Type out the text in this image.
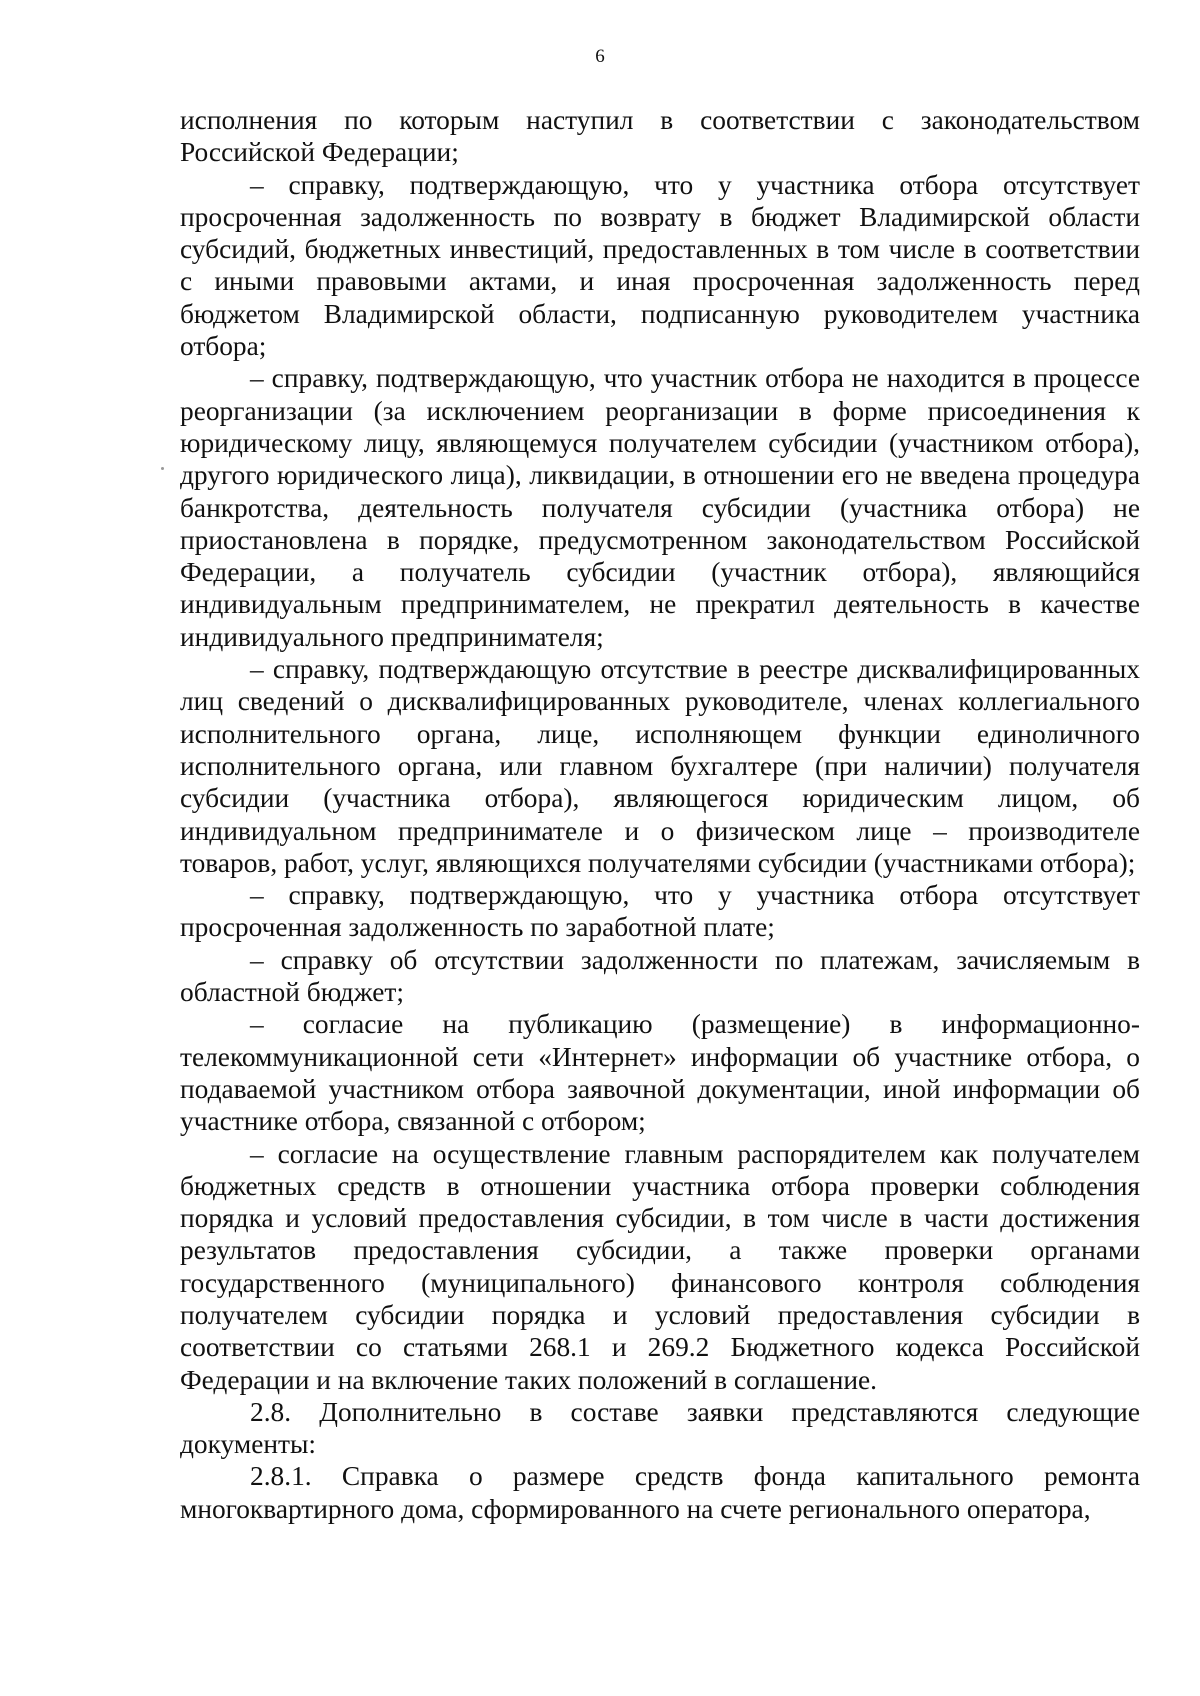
6

исполнения по которым наступил в соответствии с законодательством Российской Федерации;

– справку, подтверждающую, что у участника отбора отсутствует просроченная задолженность по возврату в бюджет Владимирской области субсидий, бюджетных инвестиций, предоставленных в том числе в соответствии с иными правовыми актами, и иная просроченная задолженность перед бюджетом Владимирской области, подписанную руководителем участника отбора;

– справку, подтверждающую, что участник отбора не находится в процессе реорганизации (за исключением реорганизации в форме присоединения к юридическому лицу, являющемуся получателем субсидии (участником отбора), другого юридического лица), ликвидации, в отношении его не введена процедура банкротства, деятельность получателя субсидии (участника отбора) не приостановлена в порядке, предусмотренном законодательством Российской Федерации, а получатель субсидии (участник отбора), являющийся индивидуальным предпринимателем, не прекратил деятельность в качестве индивидуального предпринимателя;

– справку, подтверждающую отсутствие в реестре дисквалифицированных лиц сведений о дисквалифицированных руководителе, членах коллегиального исполнительного органа, лице, исполняющем функции единоличного исполнительного органа, или главном бухгалтере (при наличии) получателя субсидии (участника отбора), являющегося юридическим лицом, об индивидуальном предпринимателе и о физическом лице – производителе товаров, работ, услуг, являющихся получателями субсидии (участниками отбора);

– справку, подтверждающую, что у участника отбора отсутствует просроченная задолженность по заработной плате;

– справку об отсутствии задолженности по платежам, зачисляемым в областной бюджет;

– согласие на публикацию (размещение) в информационно-телекоммуникационной сети «Интернет» информации об участнике отбора, о подаваемой участником отбора заявочной документации, иной информации об участнике отбора, связанной с отбором;

– согласие на осуществление главным распорядителем как получателем бюджетных средств в отношении участника отбора проверки соблюдения порядка и условий предоставления субсидии, в том числе в части достижения результатов предоставления субсидии, а также проверки органами государственного (муниципального) финансового контроля соблюдения получателем субсидии порядка и условий предоставления субсидии в соответствии со статьями 268.1 и 269.2 Бюджетного кодекса Российской Федерации и на включение таких положений в соглашение.

2.8. Дополнительно в составе заявки представляются следующие документы:

2.8.1. Справка о размере средств фонда капитального ремонта многоквартирного дома, сформированного на счете регионального оператора,
